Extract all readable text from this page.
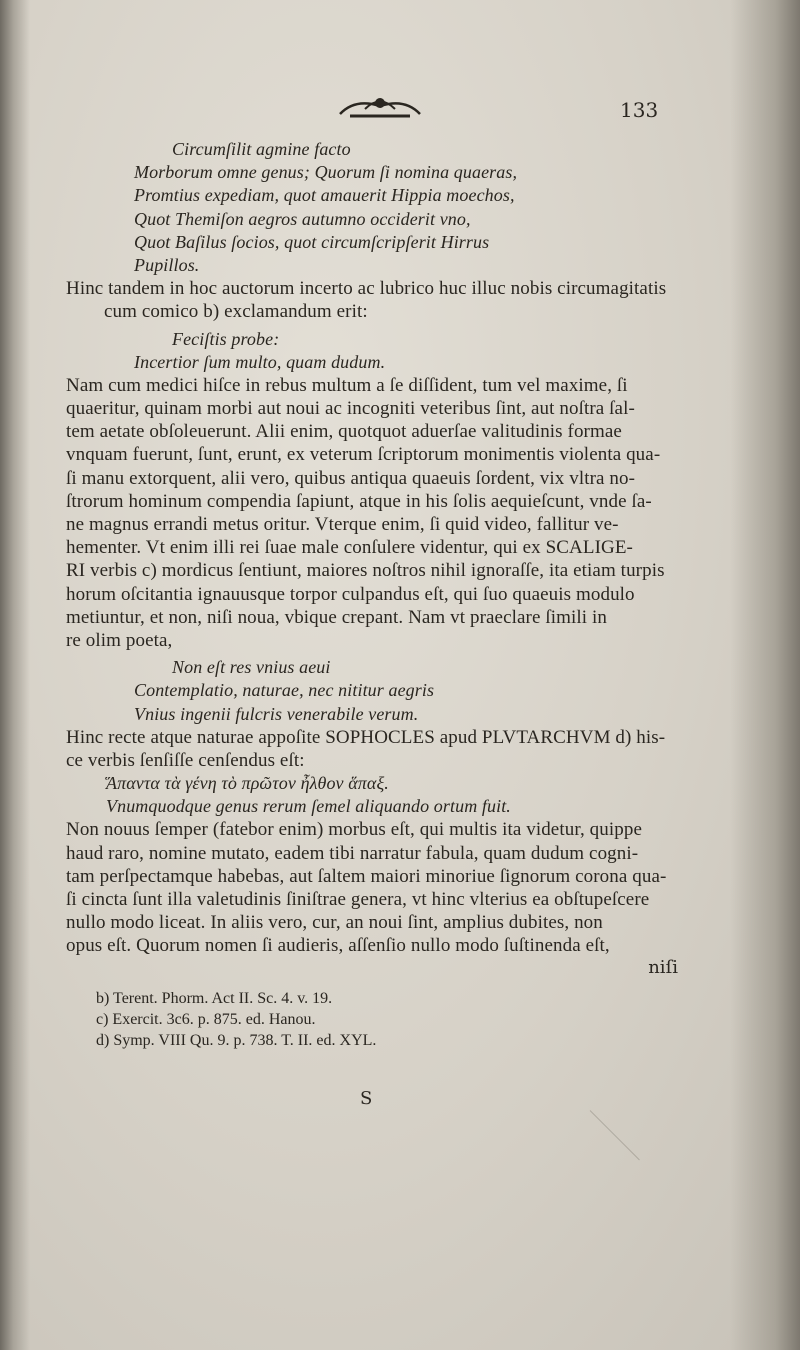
133
Circumſilit agmine facto
Morborum omne genus; Quorum ſi nomina quaeras,
Promtius expediam, quot amauerit Hippia moechos,
Quot Themiſon aegros autumno occiderit vno,
Quot Baſilus ſocios, quot circumſcripſerit Hirrus
Pupillos.
Hinc tandem in hoc auctorum incerto ac lubrico huc illuc nobis circumagitatis
cum comico b) exclamandum erit:
Feciſtis probe:
Incertior ſum multo, quam dudum.
Nam cum medici hiſce in rebus multum a ſe diſſident, tum vel maxime, ſi
quaeritur, quinam morbi aut noui ac incogniti veteribus ſint, aut noſtra ſal-
tem aetate obſoleuerunt. Alii enim, quotquot aduerſae valitudinis formae
vnquam fuerunt, ſunt, erunt, ex veterum ſcriptorum monimentis violenta qua-
ſi manu extorquent, alii vero, quibus antiqua quaeuis ſordent, vix vltra no-
ſtrorum hominum compendia ſapiunt, atque in his ſolis aequieſcunt, vnde ſa-
ne magnus errandi metus oritur. Vterque enim, ſi quid video, fallitur ve-
hementer. Vt enim illi rei ſuae male conſulere videntur, qui ex SCALIGE-
RI verbis c) mordicus ſentiunt, maiores noſtros nihil ignoraſſe, ita etiam turpis
horum oſcitantia ignauusque torpor culpandus eſt, qui ſuo quaeuis modulo
metiuntur, et non, niſi noua, vbique crepant. Nam vt praeclare ſimili in
re olim poeta,
Non eſt res vnius aeui
Contemplatio, naturae, nec nititur aegris
Vnius ingenii fulcris venerabile verum.
Hinc recte atque naturae appoſite SOPHOCLES apud PLVTARCHVM d) his-
ce verbis ſenſiſſe cenſendus eſt:
Ἅπαντα τὰ γένη τὸ πρῶτον ἦλθον ἅπαξ.
Vnumquodque genus rerum ſemel aliquando ortum fuit.
Non nouus ſemper (fatebor enim) morbus eſt, qui multis ita videtur, quippe
haud raro, nomine mutato, eadem tibi narratur fabula, quam dudum cogni-
tam perſpectamque habebas, aut ſaltem maiori minoriue ſignorum corona qua-
ſi cincta ſunt illa valetudinis ſiniſtrae genera, vt hinc vlterius ea obſtupeſcere
nullo modo liceat. In aliis vero, cur, an noui ſint, amplius dubites, non
opus eſt. Quorum nomen ſi audieris, aſſenſio nullo modo ſuſtinenda eſt,
niſi
b) Terent. Phorm. Act II. Sc. 4. v. 19.
c) Exercit. 3c6. p. 875. ed. Hanou.
d) Symp. VIII Qu. 9. p. 738. T. II. ed. XYL.
S
